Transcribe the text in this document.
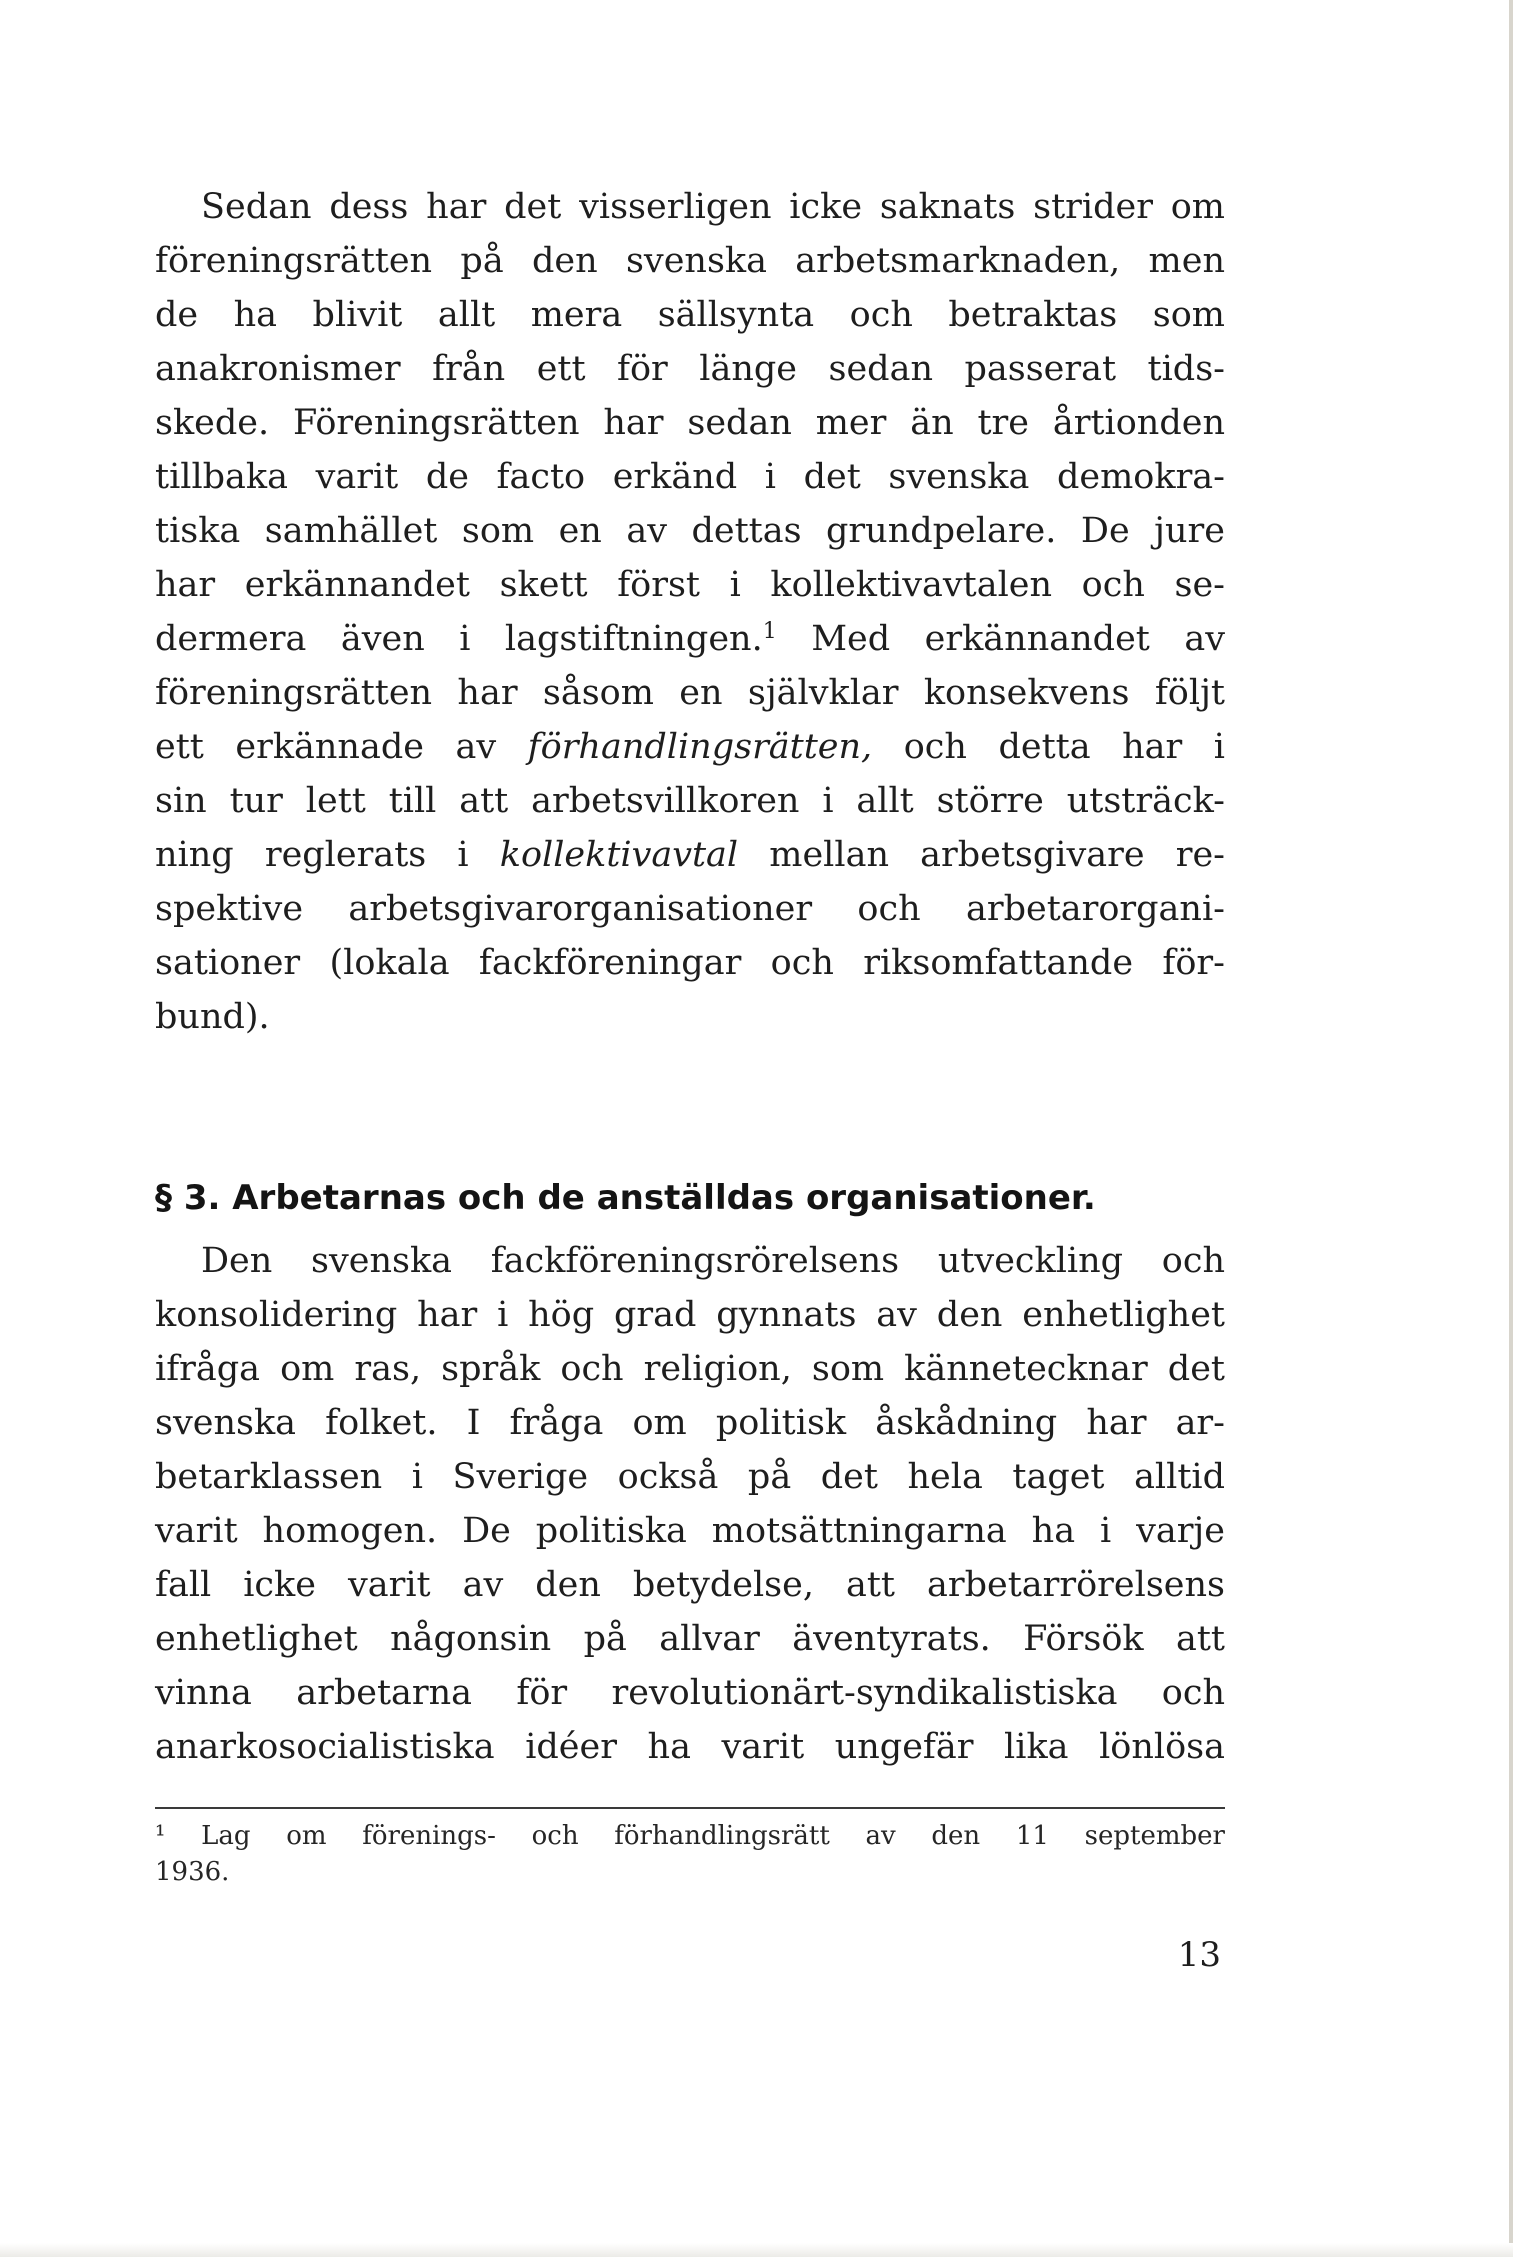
Sedan dess har det visserligen icke saknats strider om
föreningsrätten på den svenska arbetsmarknaden, men
de ha blivit allt mera sällsynta och betraktas som
anakronismer från ett för länge sedan passerat tids-
skede. Föreningsrätten har sedan mer än tre årtionden
tillbaka varit de facto erkänd i det svenska demokra-
tiska samhället som en av dettas grundpelare. De jure
har erkännandet skett först i kollektivavtalen och se-
dermera även i lagstiftningen.$^1$ Med erkännandet av
föreningsrätten har såsom en självklar konsekvens följt
ett erkännade av förhandlingsrätten, och detta har i
sin tur lett till att arbetsvillkoren i allt större utsträck-
ning reglerats i kollektivavtal mellan arbetsgivare re-
spektive arbetsgivarorganisationer och arbetarorgani-
sationer (lokala fackföreningar och riksomfattande för-
bund).
§ 3. Arbetarnas och de anställdas organisationer.
Den svenska fackföreningsrörelsens utveckling och
konsolidering har i hög grad gynnats av den enhetlighet
ifråga om ras, språk och religion, som kännetecknar det
svenska folket. I fråga om politisk åskådning har ar-
betarklassen i Sverige också på det hela taget alltid
varit homogen. De politiska motsättningarna ha i varje
fall icke varit av den betydelse, att arbetarrörelsens
enhetlighet någonsin på allvar äventyrats. Försök att
vinna arbetarna för revolutionärt-syndikalistiska och
anarkosocialistiska idéer ha varit ungefär lika lönlösa
¹ Lag om förenings- och förhandlingsrätt av den 11 september
1936.
13
